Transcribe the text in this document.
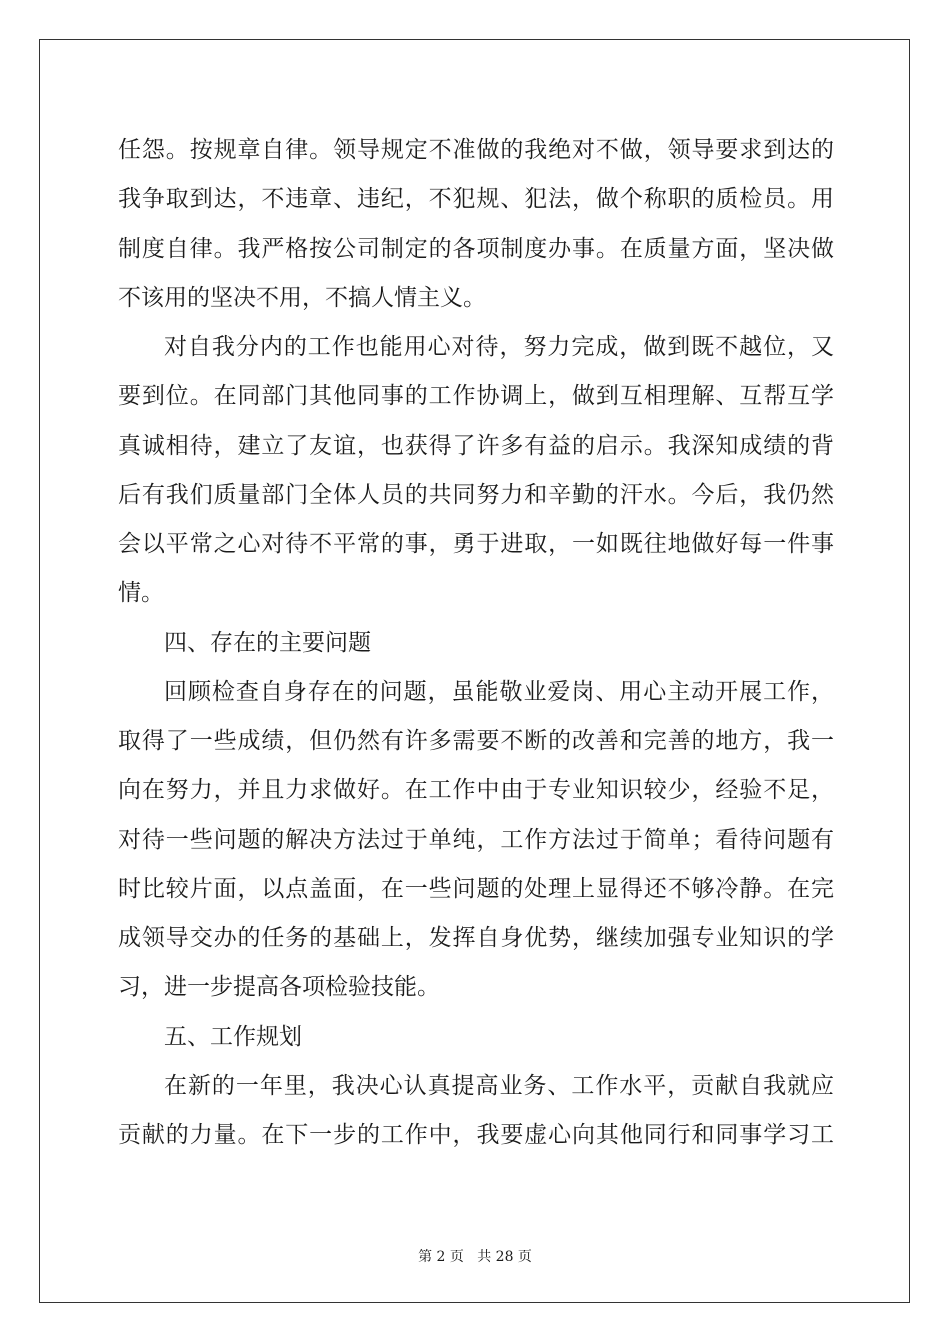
任怨。按规章自律。领导规定不准做的我绝对不做，领导要求到达的
我争取到达，不违章、违纪，不犯规、犯法，做个称职的质检员。用
制度自律。我严格按公司制定的各项制度办事。在质量方面，坚决做
不该用的坚决不用，不搞人情主义。
对自我分内的工作也能用心对待，努力完成，做到既不越位，又
要到位。在同部门其他同事的工作协调上，做到互相理解、互帮互学
真诚相待，建立了友谊，也获得了许多有益的启示。我深知成绩的背
后有我们质量部门全体人员的共同努力和辛勤的汗水。今后，我仍然
会以平常之心对待不平常的事，勇于进取，一如既往地做好每一件事
情。
四、存在的主要问题
回顾检查自身存在的问题，虽能敬业爱岗、用心主动开展工作，
取得了一些成绩，但仍然有许多需要不断的改善和完善的地方，我一
向在努力，并且力求做好。在工作中由于专业知识较少，经验不足，
对待一些问题的解决方法过于单纯，工作方法过于简单；看待问题有
时比较片面，以点盖面，在一些问题的处理上显得还不够冷静。在完
成领导交办的任务的基础上，发挥自身优势，继续加强专业知识的学
习，进一步提高各项检验技能。
五、工作规划
在新的一年里，我决心认真提高业务、工作水平，贡献自我就应
贡献的力量。在下一步的工作中，我要虚心向其他同行和同事学习工
第 2 页   共 28 页
